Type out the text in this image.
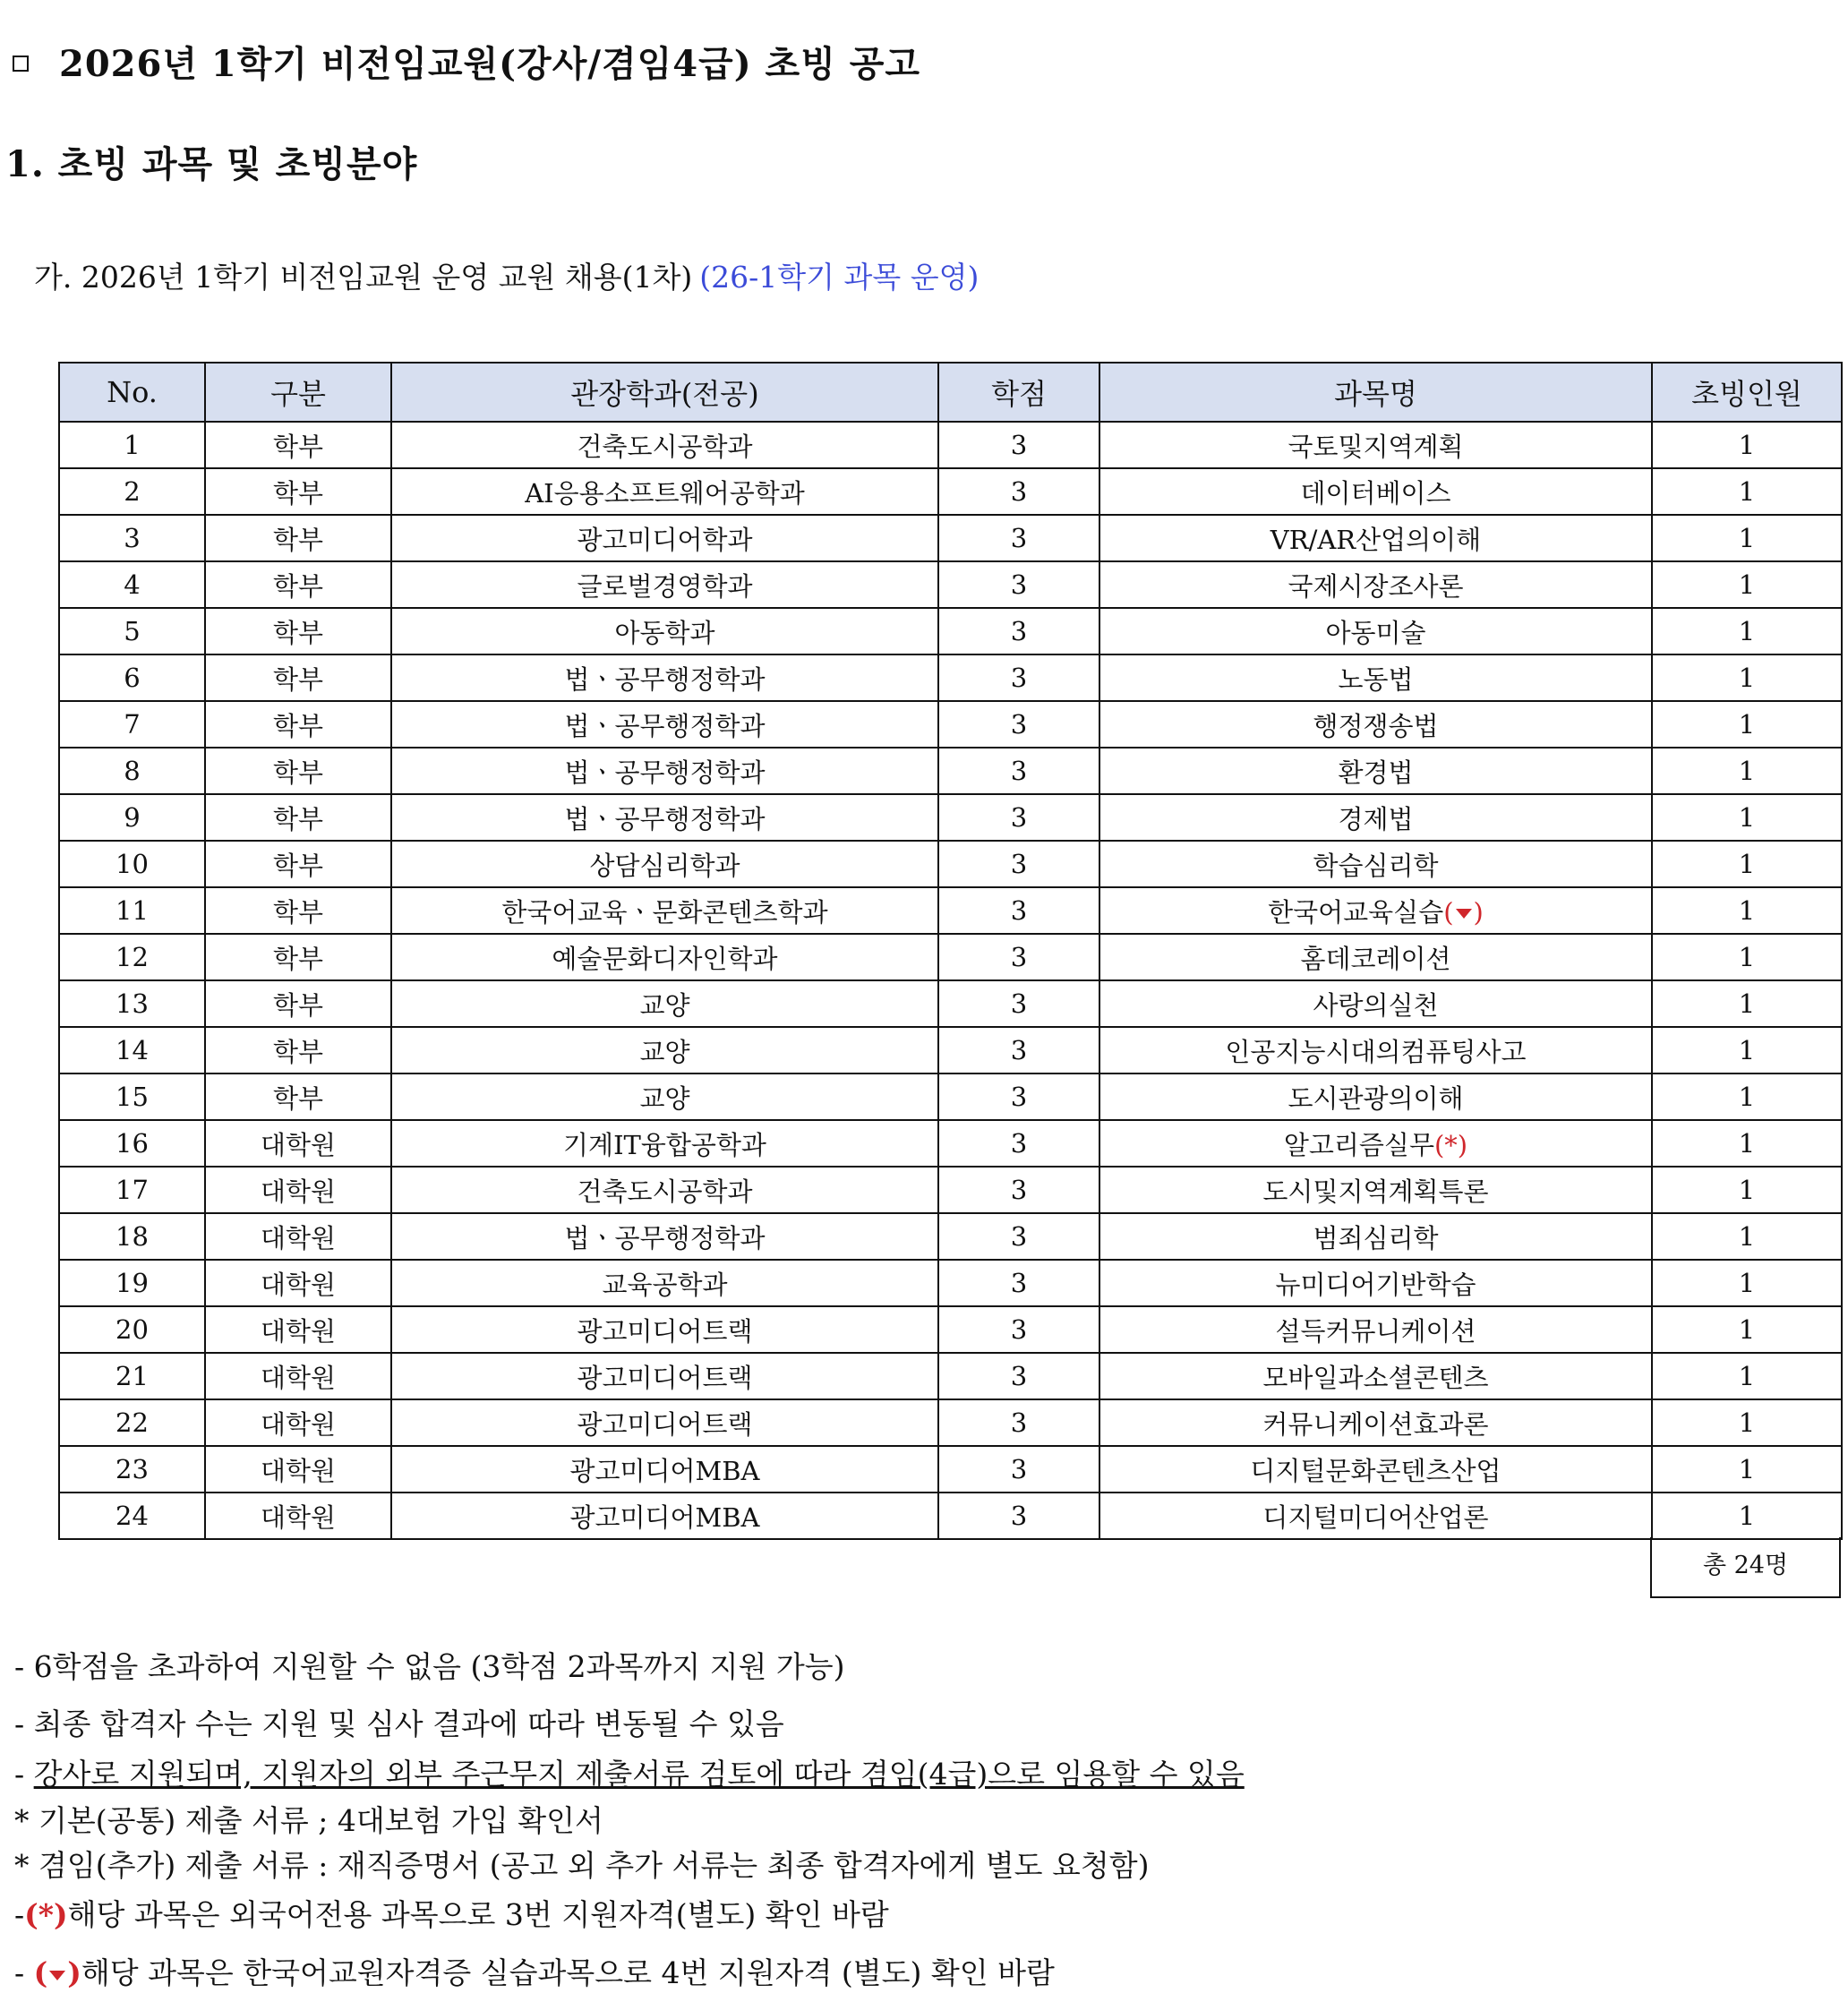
2026년 1학기 비전임교원(강사/겸임4급) 초빙 공고
1. 초빙 과목 및 초빙분야
가. 2026년 1학기 비전임교원 운영 교원 채용(1차) (26-1학기 과목 운영)
No.	구분	관장학과(전공)	학점	과목명	초빙인원
1	학부	건축도시공학과	3	국토및지역계획	1
2	학부	AI응용소프트웨어공학과	3	데이터베이스	1
3	학부	광고미디어학과	3	VR/AR산업의이해	1
4	학부	글로벌경영학과	3	국제시장조사론	1
5	학부	아동학과	3	아동미술	1
6	학부	법ㆍ공무행정학과	3	노동법	1
7	학부	법ㆍ공무행정학과	3	행정쟁송법	1
8	학부	법ㆍ공무행정학과	3	환경법	1
9	학부	법ㆍ공무행정학과	3	경제법	1
10	학부	상담심리학과	3	학습심리학	1
11	학부	한국어교육ㆍ문화콘텐츠학과	3	한국어교육실습( )	1
12	학부	예술문화디자인학과	3	홈데코레이션	1
13	학부	교양	3	사랑의실천	1
14	학부	교양	3	인공지능시대의컴퓨팅사고	1
15	학부	교양	3	도시관광의이해	1
16	대학원	기계IT융합공학과	3	알고리즘실무(*)	1
17	대학원	건축도시공학과	3	도시및지역계획특론	1
18	대학원	법ㆍ공무행정학과	3	범죄심리학	1
19	대학원	교육공학과	3	뉴미디어기반학습	1
20	대학원	광고미디어트랙	3	설득커뮤니케이션	1
21	대학원	광고미디어트랙	3	모바일과소셜콘텐츠	1
22	대학원	광고미디어트랙	3	커뮤니케이션효과론	1
23	대학원	광고미디어MBA	3	디지털문화콘텐츠산업	1
24	대학원	광고미디어MBA	3	디지털미디어산업론	1
총 24명
- 6학점을 초과하여 지원할 수 없음 (3학점 2과목까지 지원 가능)
- 최종 합격자 수는 지원 및 심사 결과에 따라 변동될 수 있음
- 강사로 지원되며, 지원자의 외부 주근무지 제출서류 검토에 따라 겸임(4급)으로 임용할 수 있음
* 기본(공통) 제출 서류 ; 4대보험 가입 확인서
* 겸임(추가) 제출 서류 : 재직증명서 (공고 외 추가 서류는 최종 합격자에게 별도 요청함)
-(*)해당 과목은 외국어전용 과목으로 3번 지원자격(별도) 확인 바람
- ( )해당 과목은 한국어교원자격증 실습과목으로 4번 지원자격 (별도) 확인 바람
